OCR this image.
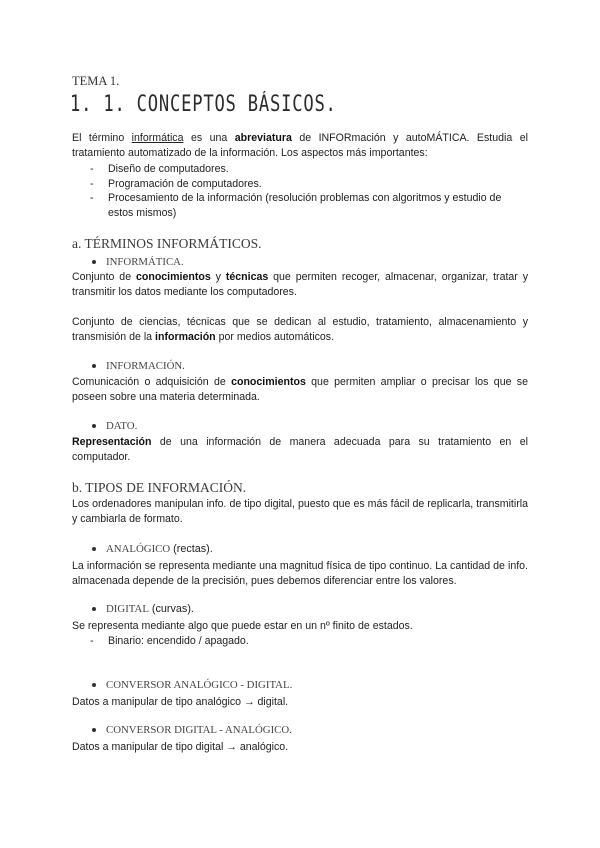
TEMA 1.
1. 1. CONCEPTOS BÁSICOS.
El término informática es una abreviatura de INFORmación y autoMÁTICA. Estudia el tratamiento automatizado de la información. Los aspectos más importantes:
- Diseño de computadores.
- Programación de computadores.
- Procesamiento de la información (resolución problemas con algoritmos y estudio de estos mismos)
a. TÉRMINOS INFORMÁTICOS.
INFORMÁTICA.
Conjunto de conocimientos y técnicas que permiten recoger, almacenar, organizar, tratar y transmitir los datos mediante los computadores.
Conjunto de ciencias, técnicas que se dedican al estudio, tratamiento, almacenamiento y transmisión de la información por medios automáticos.
INFORMACIÓN.
Comunicación o adquisición de conocimientos que permiten ampliar o precisar los que se poseen sobre una materia determinada.
DATO.
Representación de una información de manera adecuada para su tratamiento en el computador.
b. TIPOS DE INFORMACIÓN.
Los ordenadores manipulan info. de tipo digital, puesto que es más fácil de replicarla, transmitirla y cambiarla de formato.
ANALÓGICO (rectas).
La información se representa mediante una magnitud física de tipo continuo. La cantidad de info. almacenada depende de la precisión, pues debemos diferenciar entre los valores.
DIGITAL (curvas).
Se representa mediante algo que puede estar en un nº finito de estados.
- Binario: encendido / apagado.
CONVERSOR ANALÓGICO - DIGITAL.
Datos a manipular de tipo analógico → digital.
CONVERSOR DIGITAL - ANALÓGICO.
Datos a manipular de tipo digital → analógico.
